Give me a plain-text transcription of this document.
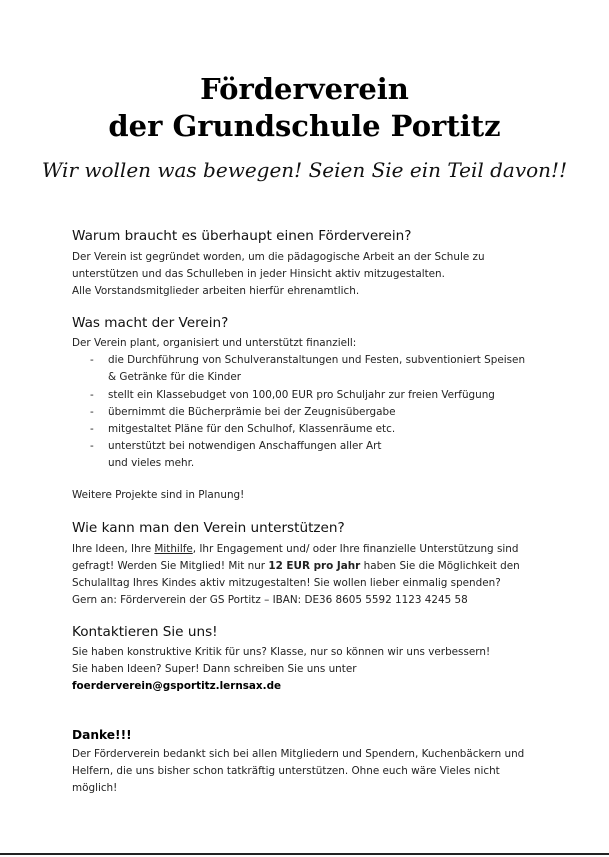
Förderverein
der Grundschule Portitz
Wir wollen was bewegen! Seien Sie ein Teil davon!!
Warum braucht es überhaupt einen Förderverein?
Der Verein ist gegründet worden, um die pädagogische Arbeit an der Schule zu
unterstützen und das Schulleben in jeder Hinsicht aktiv mitzugestalten.
Alle Vorstandsmitglieder arbeiten hierfür ehrenamtlich.
Was macht der Verein?
Der Verein plant, organisiert und unterstützt finanziell:
- die Durchführung von Schulveranstaltungen und Festen, subventioniert Speisen
& Getränke für die Kinder
- stellt ein Klassebudget von 100,00 EUR pro Schuljahr zur freien Verfügung
- übernimmt die Bücherprämie bei der Zeugnisübergabe
- mitgestaltet Pläne für den Schulhof, Klassenräume etc.
- unterstützt bei notwendigen Anschaffungen aller Art
und vieles mehr.
Weitere Projekte sind in Planung!
Wie kann man den Verein unterstützen?
Ihre Ideen, Ihre Mithilfe, Ihr Engagement und/ oder Ihre finanzielle Unterstützung sind
gefragt! Werden Sie Mitglied! Mit nur 12 EUR pro Jahr haben Sie die Möglichkeit den
Schulalltag Ihres Kindes aktiv mitzugestalten! Sie wollen lieber einmalig spenden?
Gern an: Förderverein der GS Portitz – IBAN: DE36 8605 5592 1123 4245 58
Kontaktieren Sie uns!
Sie haben konstruktive Kritik für uns? Klasse, nur so können wir uns verbessern!
Sie haben Ideen? Super! Dann schreiben Sie uns unter
foerderverein@gsportitz.lernsax.de
Danke!!!
Der Förderverein bedankt sich bei allen Mitgliedern und Spendern, Kuchenbäckern und
Helfern, die uns bisher schon tatkräftig unterstützen. Ohne euch wäre Vieles nicht
möglich!
